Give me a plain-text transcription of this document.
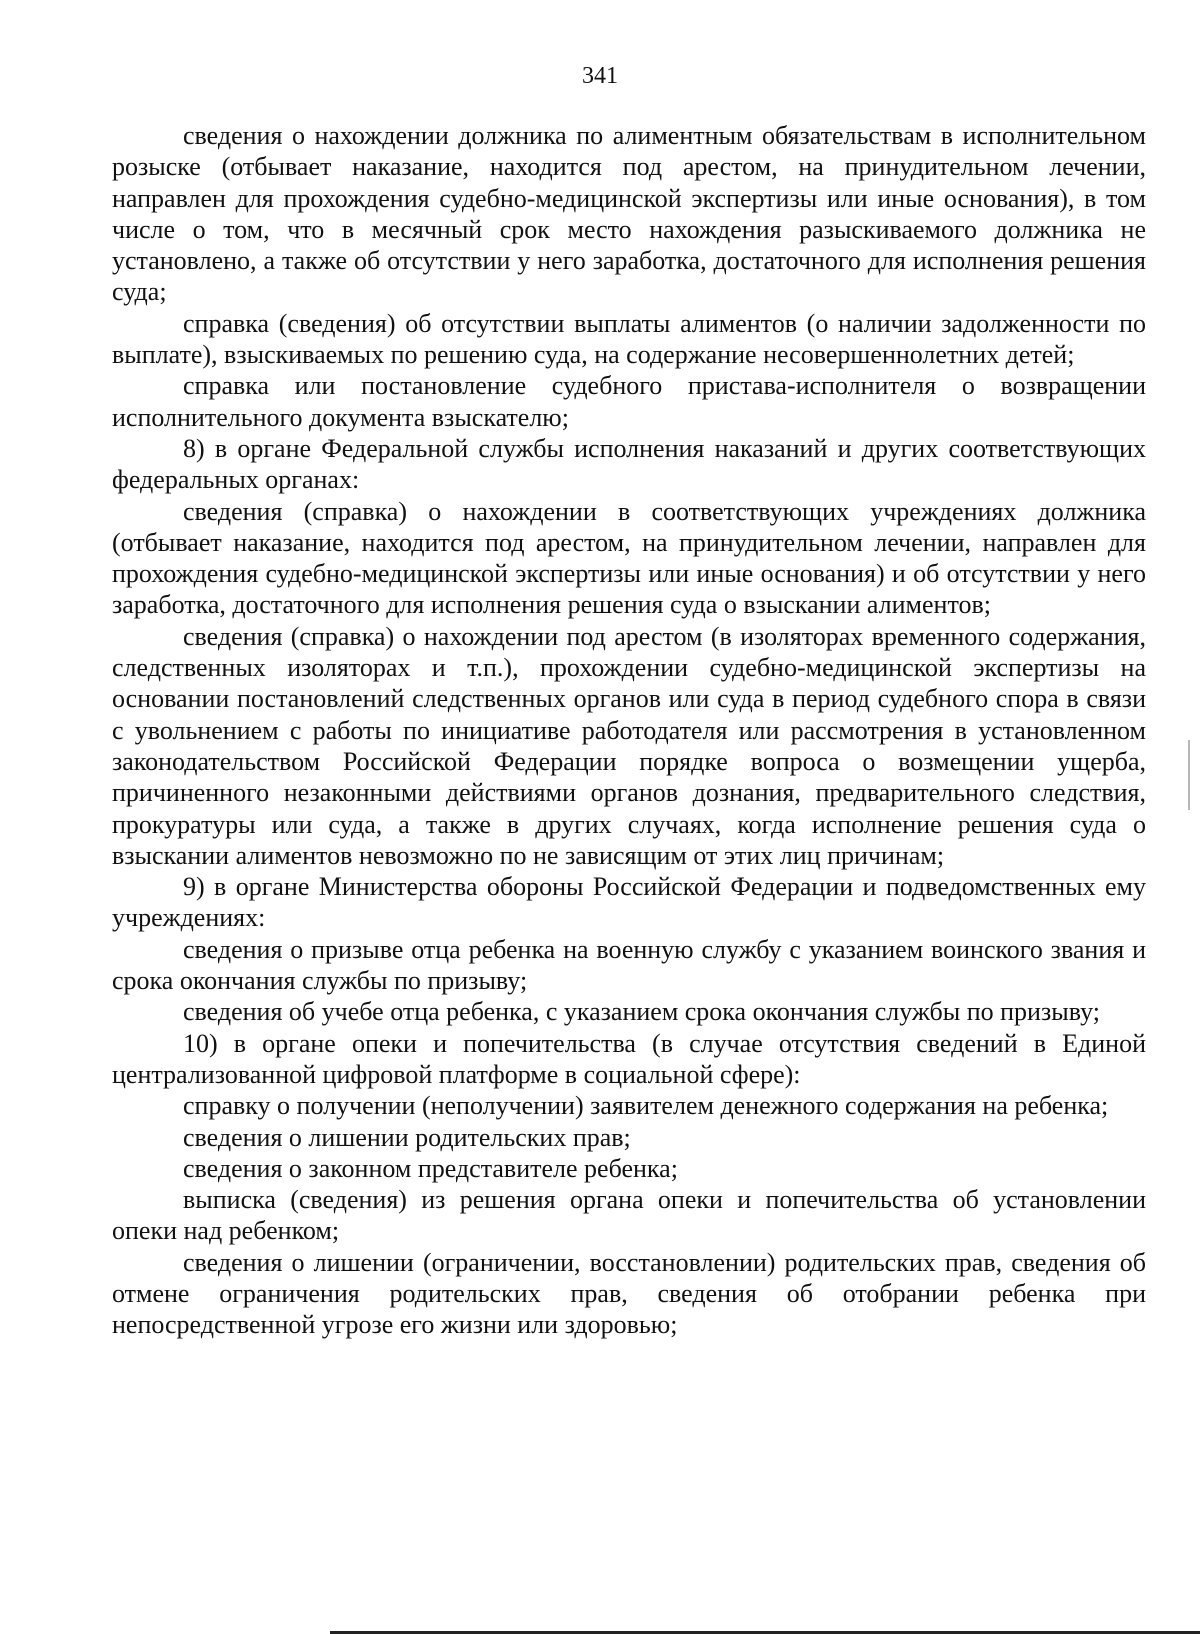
341

сведения о нахождении должника по алиментным обязательствам в исполнительном розыске (отбывает наказание, находится под арестом, на принудительном лечении, направлен для прохождения судебно-медицинской экспертизы или иные основания), в том числе о том, что в месячный срок место нахождения разыскиваемого должника не установлено, а также об отсутствии у него заработка, достаточного для исполнения решения суда;

справка (сведения) об отсутствии выплаты алиментов (о наличии задолженности по выплате), взыскиваемых по решению суда, на содержание несовершеннолетних детей;

справка или постановление судебного пристава-исполнителя о возвращении исполнительного документа взыскателю;

8) в органе Федеральной службы исполнения наказаний и других соответствующих федеральных органах:

сведения (справка) о нахождении в соответствующих учреждениях должника (отбывает наказание, находится под арестом, на принудительном лечении, направлен для прохождения судебно-медицинской экспертизы или иные основания) и об отсутствии у него заработка, достаточного для исполнения решения суда о взыскании алиментов;

сведения (справка) о нахождении под арестом (в изоляторах временного содержания, следственных изоляторах и т.п.), прохождении судебно-медицинской экспертизы на основании постановлений следственных органов или суда в период судебного спора в связи с увольнением с работы по инициативе работодателя или рассмотрения в установленном законодательством Российской Федерации порядке вопроса о возмещении ущерба, причиненного незаконными действиями органов дознания, предварительного следствия, прокуратуры или суда, а также в других случаях, когда исполнение решения суда о взыскании алиментов невозможно по не зависящим от этих лиц причинам;

9) в органе Министерства обороны Российской Федерации и подведомственных ему учреждениях:

сведения о призыве отца ребенка на военную службу с указанием воинского звания и срока окончания службы по призыву;

сведения об учебе отца ребенка, с указанием срока окончания службы по призыву;

10) в органе опеки и попечительства (в случае отсутствия сведений в Единой централизованной цифровой платформе в социальной сфере):

справку о получении (неполучении) заявителем денежного содержания на ребенка;

сведения о лишении родительских прав;

сведения о законном представителе ребенка;

выписка (сведения) из решения органа опеки и попечительства об установлении опеки над ребенком;

сведения о лишении (ограничении, восстановлении) родительских прав, сведения об отмене ограничения родительских прав, сведения об отобрании ребенка при непосредственной угрозе его жизни или здоровью;
